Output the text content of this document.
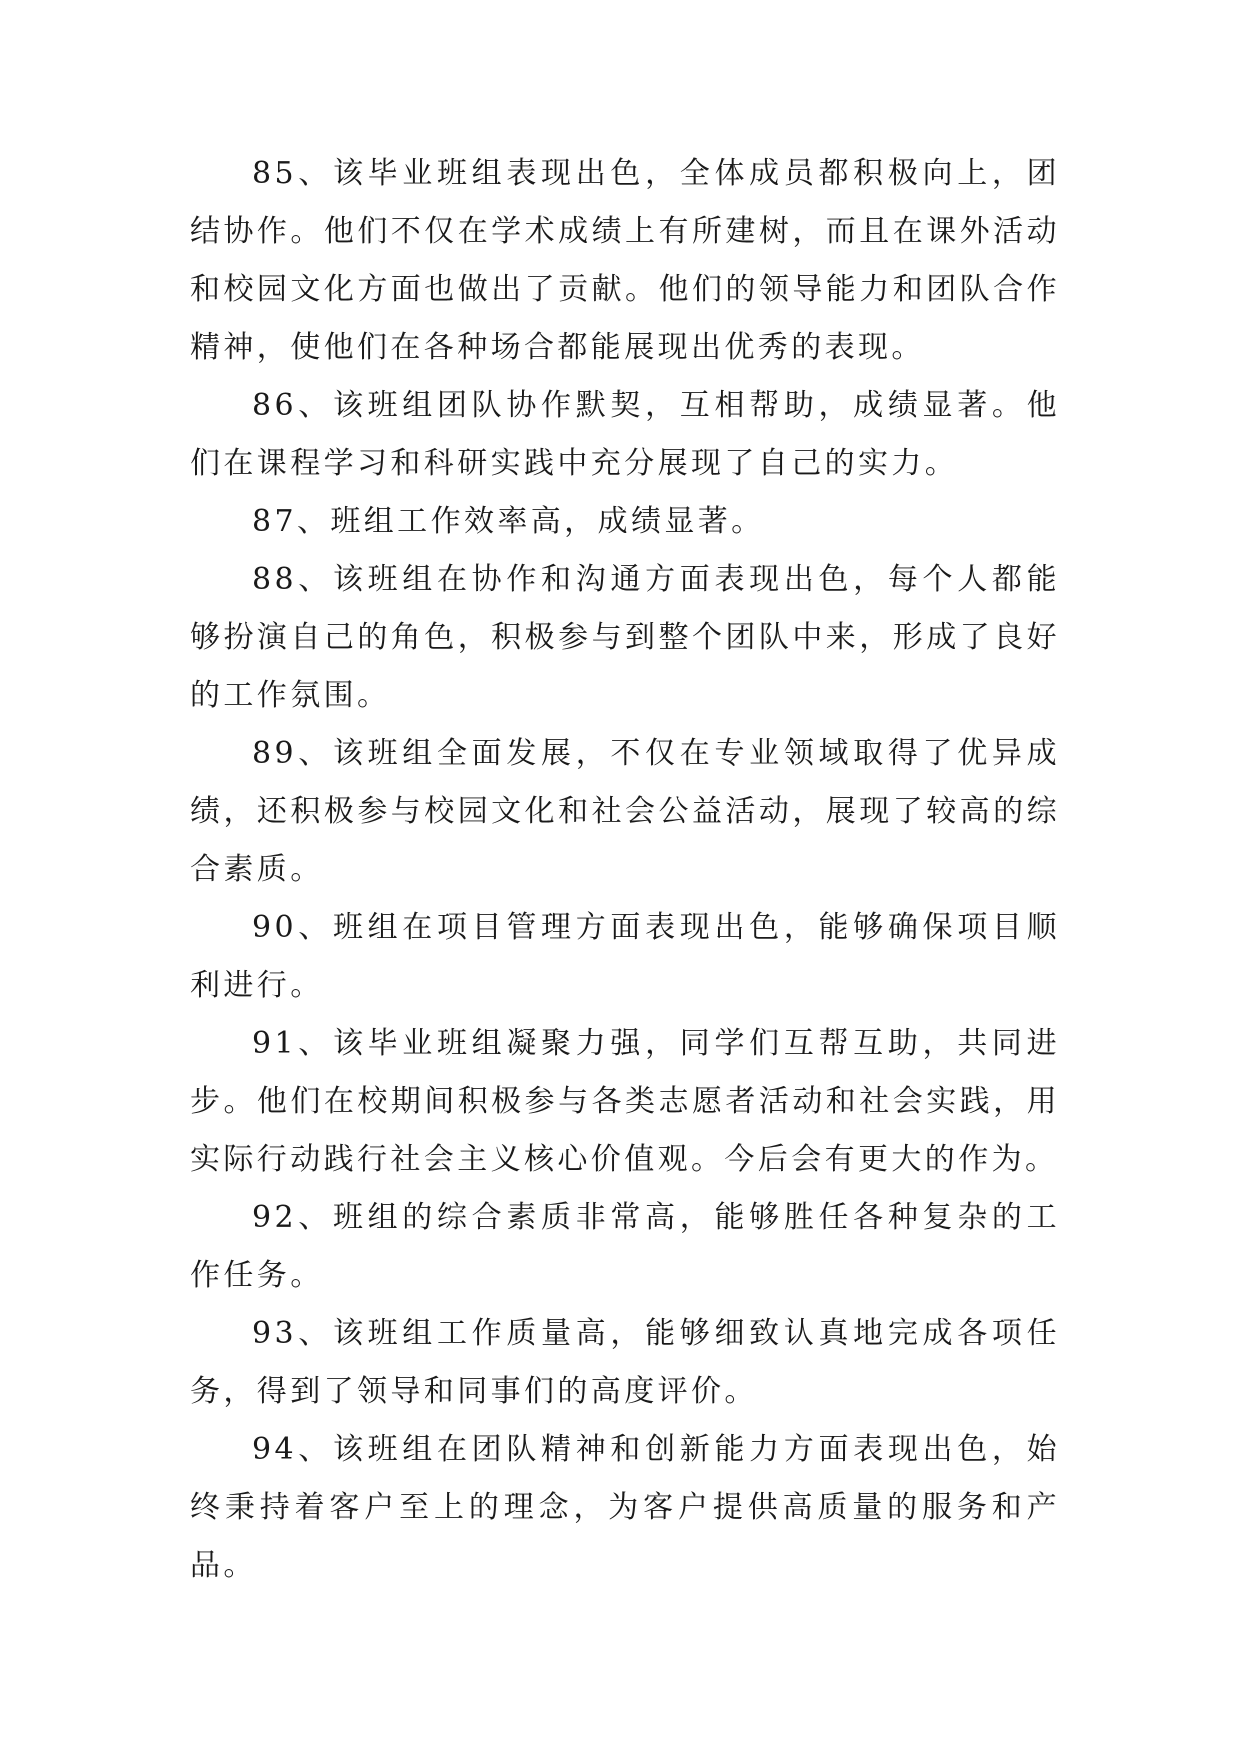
85、该毕业班组表现出色，全体成员都积极向上，团结协作。他们不仅在学术成绩上有所建树，而且在课外活动和校园文化方面也做出了贡献。他们的领导能力和团队合作精神，使他们在各种场合都能展现出优秀的表现。

86、该班组团队协作默契，互相帮助，成绩显著。他们在课程学习和科研实践中充分展现了自己的实力。

87、班组工作效率高，成绩显著。

88、该班组在协作和沟通方面表现出色，每个人都能够扮演自己的角色，积极参与到整个团队中来，形成了良好的工作氛围。

89、该班组全面发展，不仅在专业领域取得了优异成绩，还积极参与校园文化和社会公益活动，展现了较高的综合素质。

90、班组在项目管理方面表现出色，能够确保项目顺利进行。

91、该毕业班组凝聚力强，同学们互帮互助，共同进步。他们在校期间积极参与各类志愿者活动和社会实践，用实际行动践行社会主义核心价值观。今后会有更大的作为。

92、班组的综合素质非常高，能够胜任各种复杂的工作任务。

93、该班组工作质量高，能够细致认真地完成各项任务，得到了领导和同事们的高度评价。

94、该班组在团队精神和创新能力方面表现出色，始终秉持着客户至上的理念，为客户提供高质量的服务和产品。
